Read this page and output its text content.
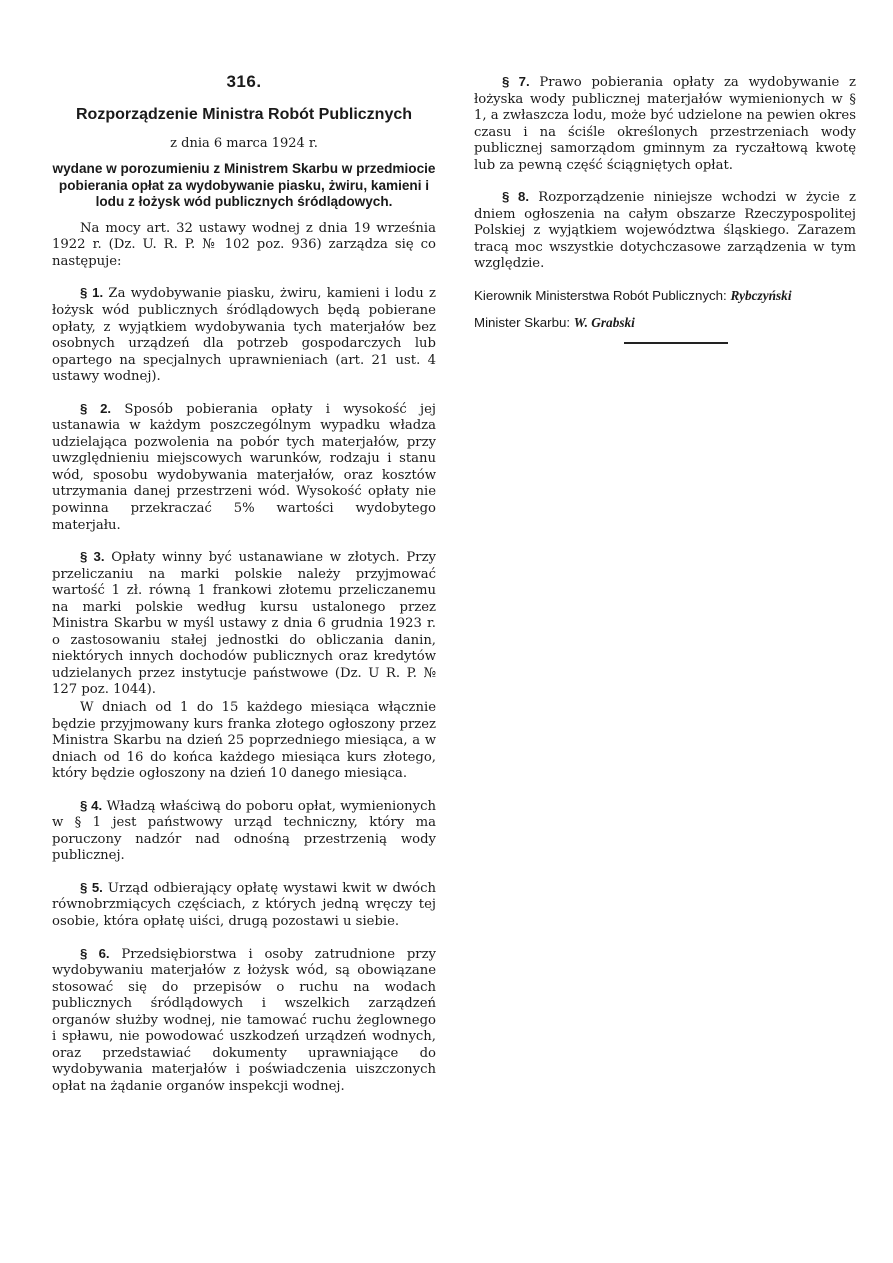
316.
Rozporządzenie Ministra Robót Publicznych
z dnia 6 marca 1924 r.
wydane w porozumieniu z Ministrem Skarbu w przedmiocie pobierania opłat za wydobywanie piasku, żwiru, kamieni i lodu z łożysk wód publicznych śródlądowych.

Na mocy art. 32 ustawy wodnej z dnia 19 września 1922 r. (Dz. U. R. P. № 102 poz. 936) zarządza się co następuje:

§ 1. Za wydobywanie piasku, żwiru, kamieni i lodu z łożysk wód publicznych śródlądowych będą pobierane opłaty, z wyjątkiem wydobywania tych materjałów bez osobnych urządzeń dla potrzeb gospodarczych lub opartego na specjalnych uprawnieniach (art. 21 ust. 4 ustawy wodnej).

§ 2. Sposób pobierania opłaty i wysokość jej ustanawia w każdym poszczególnym wypadku władza udzielająca pozwolenia na pobór tych materjałów, przy uwzględnieniu miejscowych warunków, rodzaju i stanu wód, sposobu wydobywania materjałów, oraz kosztów utrzymania danej przestrzeni wód. Wysokość opłaty nie powinna przekraczać 5% wartości wydobytego materjału.

§ 3. Opłaty winny być ustanawiane w złotych. Przy przeliczaniu na marki polskie należy przyjmować wartość 1 zł. równą 1 frankowi złotemu przeliczanemu na marki polskie według kursu ustalonego przez Ministra Skarbu w myśl ustawy z dnia 6 grudnia 1923 r. o zastosowaniu stałej jednostki do obliczania danin, niektórych innych dochodów publicznych oraz kredytów udzielanych przez instytucje państwowe (Dz. U R. P. № 127 poz. 1044).

W dniach od 1 do 15 każdego miesiąca włącznie będzie przyjmowany kurs franka złotego ogłoszony przez Ministra Skarbu na dzień 25 poprzedniego miesiąca, a w dniach od 16 do końca każdego miesiąca kurs złotego, który będzie ogłoszony na dzień 10 danego miesiąca.

§ 4. Władzą właściwą do poboru opłat, wymienionych w § 1 jest państwowy urząd techniczny, który ma poruczony nadzór nad odnośną przestrzenią wody publicznej.

§ 5. Urząd odbierający opłatę wystawi kwit w dwóch równobrzmiących częściach, z których jedną wręczy tej osobie, która opłatę uiści, drugą pozostawi u siebie.

§ 6. Przedsiębiorstwa i osoby zatrudnione przy wydobywaniu materjałów z łożysk wód, są obowiązane stosować się do przepisów o ruchu na wodach publicznych śródlądowych i wszelkich zarządzeń organów służby wodnej, nie tamować ruchu żeglownego i spławu, nie powodować uszkodzeń urządzeń wodnych, oraz przedstawiać dokumenty uprawniające do wydobywania materjałów i poświadczenia uiszczonych opłat na żądanie organów inspekcji wodnej.

§ 7. Prawo pobierania opłaty za wydobywanie z łożyska wody publicznej materjałów wymienionych w § 1, a zwłaszcza lodu, może być udzielone na pewien okres czasu i na ściśle określonych przestrzeniach wody publicznej samorządom gminnym za ryczałtową kwotę lub za pewną część ściągniętych opłat.

§ 8. Rozporządzenie niniejsze wchodzi w życie z dniem ogłoszenia na całym obszarze Rzeczypospolitej Polskiej z wyjątkiem województwa śląskiego. Zarazem tracą moc wszystkie dotychczasowe zarządzenia w tym względzie.

Kierownik Ministerstwa Robót Publicznych: Rybczyński
Minister Skarbu: W. Grabski
